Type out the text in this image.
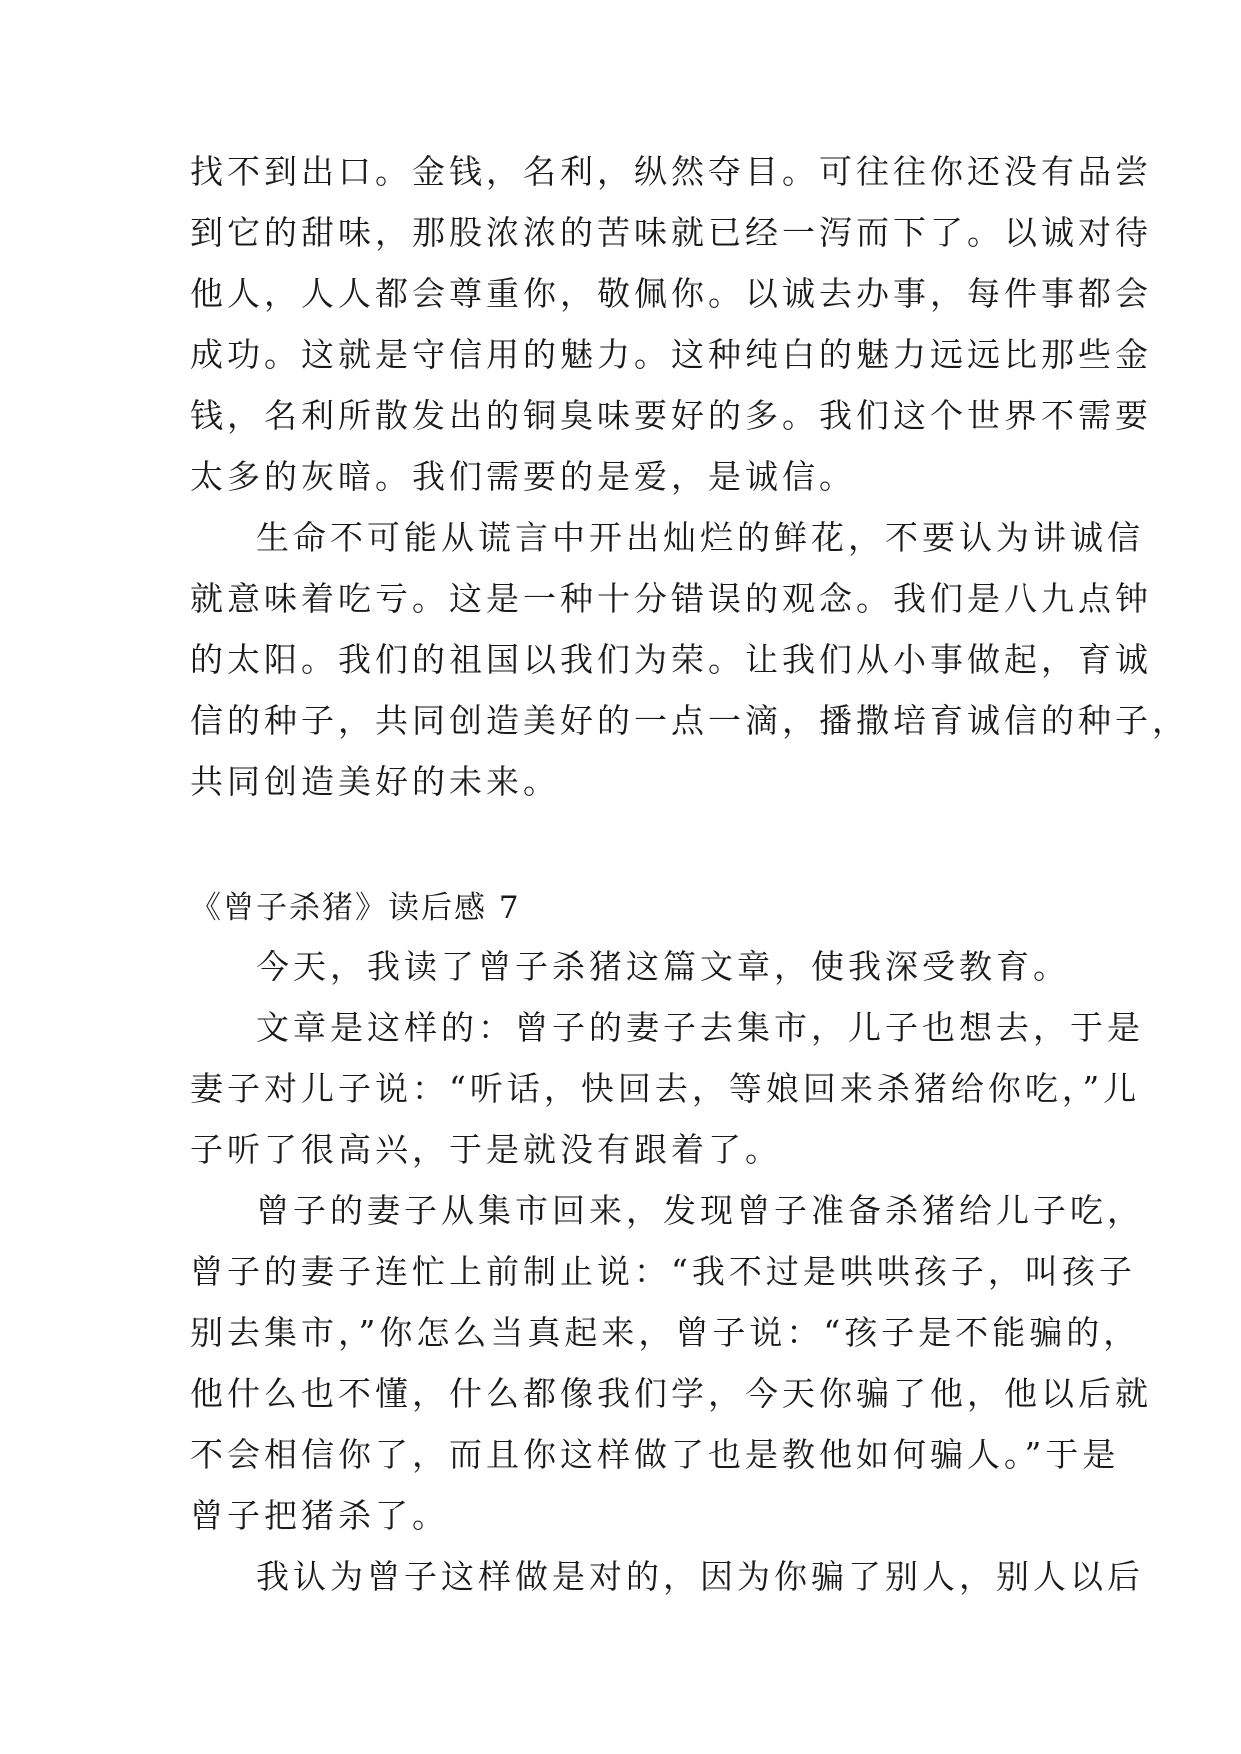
找不到出口。金钱，名利，纵然夺目。可往往你还没有品尝
到它的甜味，那股浓浓的苦味就已经一泻而下了。以诚对待
他人，人人都会尊重你，敬佩你。以诚去办事，每件事都会
成功。这就是守信用的魅力。这种纯白的魅力远远比那些金
钱，名利所散发出的铜臭味要好的多。我们这个世界不需要
太多的灰暗。我们需要的是爱，是诚信。
生命不可能从谎言中开出灿烂的鲜花，不要认为讲诚信
就意味着吃亏。这是一种十分错误的观念。我们是八九点钟
的太阳。我们的祖国以我们为荣。让我们从小事做起，育诚
信的种子，共同创造美好的一点一滴，播撒培育诚信的种子，
共同创造美好的未来。
《曾子杀猪》读后感 7
今天，我读了曾子杀猪这篇文章，使我深受教育。
文章是这样的：曾子的妻子去集市，儿子也想去，于是
妻子对儿子说：“听话，快回去，等娘回来杀猪给你吃，”儿
子听了很高兴，于是就没有跟着了。
曾子的妻子从集市回来，发现曾子准备杀猪给儿子吃，
曾子的妻子连忙上前制止说：“我不过是哄哄孩子，叫孩子
别去集市，”你怎么当真起来，曾子说：“孩子是不能骗的，
他什么也不懂，什么都像我们学，今天你骗了他，他以后就
不会相信你了，而且你这样做了也是教他如何骗人。”于是
曾子把猪杀了。
我认为曾子这样做是对的，因为你骗了别人，别人以后
